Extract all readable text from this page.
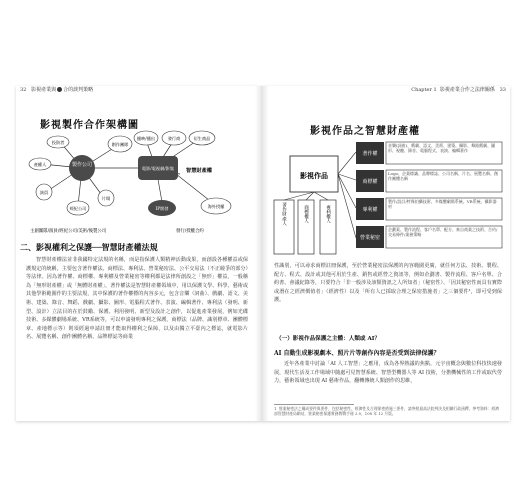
32 影視產業與 合的談判策略
影視製作合作架構圖
製作公司
投資者
產權人
演員
經紀公司
片場
創作團隊
電影/電視劇/影集
播映/播出	發行商	衍生商品
智慧財產權
IP開發	海外授權
主創團隊/演員/經紀公司/美術/後製公司	發行/授權合約
二、影視權利之保護──智慧財產權法規
智慧財產權法並非我國特定法規的名稱，而是指保護人類精神活動成果，而創設各種權益或保護規定的統稱，主要包含著作權法、商標法、專利法、營業秘密法、公平交易法（不正競爭的部分）等法律。因為著作權、商標權、專利權及營業秘密等權利都是法律所創設之「無形」權益，一般稱為「無形財產權」或「無體財產權」，著作權法是智慧財產權領域中，用以保護文學、科學、藝術或其他學術範圍作的主要法規，其中保護的著作權標的內容多元，包含音樂（詞曲）、戲劇、語文、美術、建築、錄音、舞蹈、戲劇、攝影、圖形、電腦程式著作、表演、編輯著作、專利法（發明、新型、設計）立法目的在於鼓勵、保護、利用發明、新型及設計之創作，以促進產業發展，例如光碟技術、多媒體劇場系統、VR系統等，可以申請發明專利之保護，商標法（品牌、識別標章、團體標章、產地標示等）則須經過申請註冊才能取得權利之保障，以及由獨立平臺內之標誌，就電影片名、展覽名稱、創作團體名稱、品牌標誌等商業
Chapter 1 影視產業合作之法律關係 33
影視作品之智慧財產權
著作財產人	商標權人	專利權人
影視作品
著作權
音樂(詞曲)、戲劇、語文、美術、建築、攝影、舞蹈戲劇、圖形、視聽、錄音、電腦程式、表演、編輯著作
商標權
Logo、企業標識、品牌標誌、公司名稱、片名、展覽名稱、創作團體名稱
專利權
製作/設計/特殊拍攝技術、多媒體劇場系統、VR系統、攝影器材
營業秘密
企劃案、製作流程、客戶名單、配方、來自商業之技術、合約/交易條件/業務策略
性識別，可以尋求商標註冊保護，至於營業秘密法保護的內容範圍更廣，就任何方法、技術、製程、配方、程式、設計或其他可用於生產、銷售或經營之資訊等，例如企劃書、製作流程、客戶名單、合約書、會議紀錄等，只要符合「非一般涉及該類資訊之人所知者」（秘密性）、「因其秘密性而具有實際或潛在之經濟價值者」（經濟性）以及「所有人已採取合理之保密措施者」之三個要件¹，即可受到保護。
（一）影視作品保護之主體：人類或 AI？
AI 自動生成影視劇本、照片片等創作內容是否受到法律保護？
近年各產業中討論「AI 人工智慧」之應用，成為各界熱議的焦點，元宇宙概念與數位科技快速發展，現代生活及工作場域中隨處可見智慧系統、智慧型機器人等 AI 技術，分擔機械性的工作或取代勞力，藝術領域也出現 AI 藝術作品，翻轉傳統人類創作的思維，
1 營業秘密法之構成要件與要件，包括秘密性、經濟性及合理保密措施三要件，請參照最高法院判決及相關行政函釋，參考資料：經濟部智慧財產局網站，營業秘密保護實務教戰手冊 2.0，108 年 12 月版。
